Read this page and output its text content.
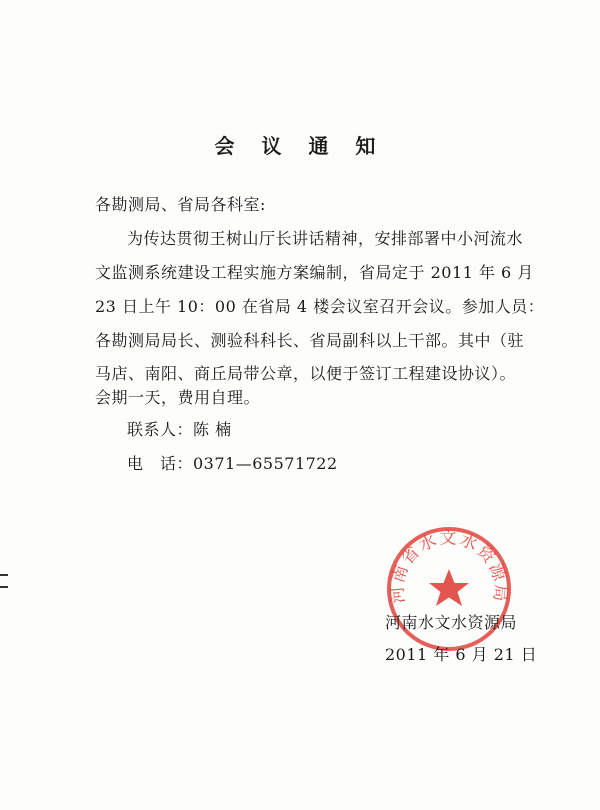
会 议 通 知
各勘测局、省局各科室:
为传达贯彻王树山厅长讲话精神，安排部署中小河流水
文监测系统建设工程实施方案编制，省局定于 2011 年 6 月
23 日上午 10：00 在省局 4 楼会议室召开会议。参加人员：
各勘测局局长、测验科科长、省局副科以上干部。其中（驻
马店、南阳、商丘局带公章，以便于签订工程建设协议）。
会期一天，费用自理。
联系人：陈 楠
电　话：0371—65571722
河南省水文水资源局
河南水文水资源局
2011 年 6 月 21 日
